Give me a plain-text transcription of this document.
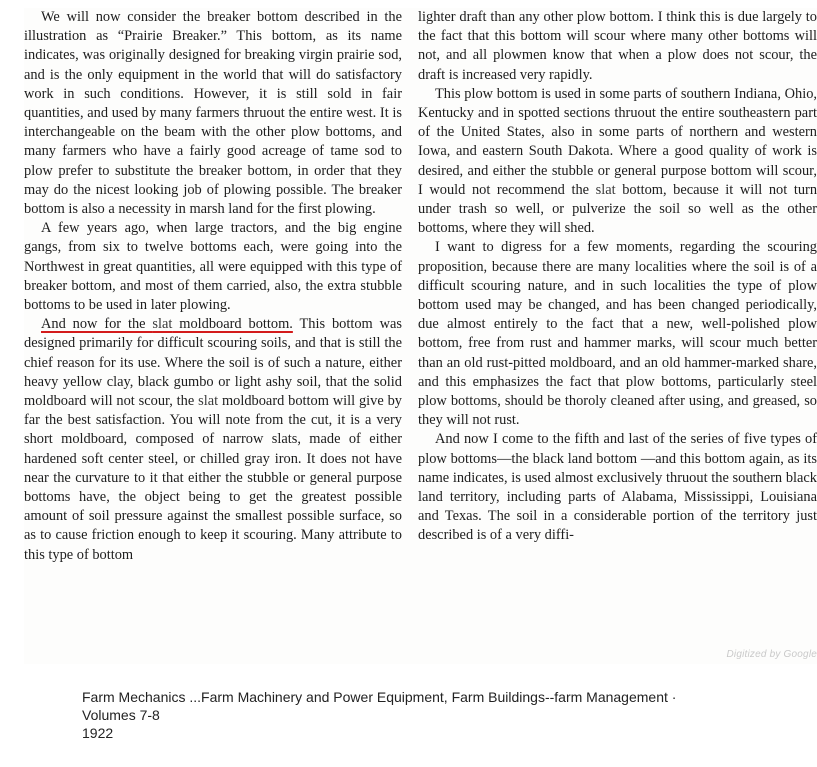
We will now consider the breaker bottom described in the illustration as “Prairie Breaker.” This bottom, as its name indicates, was originally designed for breaking virgin prairie sod, and is the only equipment in the world that will do satisfactory work in such conditions. However, it is still sold in fair quantities, and used by many farmers thruout the entire west. It is interchangeable on the beam with the other plow bottoms, and many farmers who have a fairly good acreage of tame sod to plow prefer to substitute the breaker bottom, in order that they may do the nicest looking job of plowing possible. The breaker bottom is also a necessity in marsh land for the first plowing.

A few years ago, when large tractors, and the big engine gangs, from six to twelve bottoms each, were going into the Northwest in great quantities, all were equipped with this type of breaker bottom, and most of them carried, also, the extra stubble bottoms to be used in later plowing.

And now for the slat moldboard bottom. This bottom was designed primarily for difficult scouring soils, and that is still the chief reason for its use. Where the soil is of such a nature, either heavy yellow clay, black gumbo or light ashy soil, that the solid moldboard will not scour, the slat moldboard bottom will give by far the best satisfaction. You will note from the cut, it is a very short moldboard, composed of narrow slats, made of either hardened soft center steel, or chilled gray iron. It does not have near the curvature to it that either the stubble or general purpose bottoms have, the object being to get the greatest possible amount of soil pressure against the smallest possible surface, so as to cause friction enough to keep it scouring. Many attribute to this type of bottom

lighter draft than any other plow bottom. I think this is due largely to the fact that this bottom will scour where many other bottoms will not, and all plowmen know that when a plow does not scour, the draft is increased very rapidly.

This plow bottom is used in some parts of southern Indiana, Ohio, Kentucky and in spotted sections thruout the entire southeastern part of the United States, also in some parts of northern and western Iowa, and eastern South Dakota. Where a good quality of work is desired, and either the stubble or general purpose bottom will scour, I would not recommend the slat bottom, because it will not turn under trash so well, or pulverize the soil so well as the other bottoms, where they will shed.

I want to digress for a few moments, regarding the scouring proposition, because there are many localities where the soil is of a difficult scouring nature, and in such localities the type of plow bottom used may be changed, and has been changed periodically, due almost entirely to the fact that a new, well-polished plow bottom, free from rust and hammer marks, will scour much better than an old rust-pitted moldboard, and an old hammer-marked share, and this emphasizes the fact that plow bottoms, particularly steel plow bottoms, should be thoroly cleaned after using, and greased, so they will not rust.

And now I come to the fifth and last of the series of five types of plow bottoms—the black land bottom —and this bottom again, as its name indicates, is used almost exclusively thruout the southern black land territory, including parts of Alabama, Mississippi, Louisiana and Texas. The soil in a considerable portion of the territory just described is of a very diffi-

Digitized by Google
Farm Mechanics ...Farm Machinery and Power Equipment, Farm Buildings--farm Management ·
Volumes 7-8
1922
